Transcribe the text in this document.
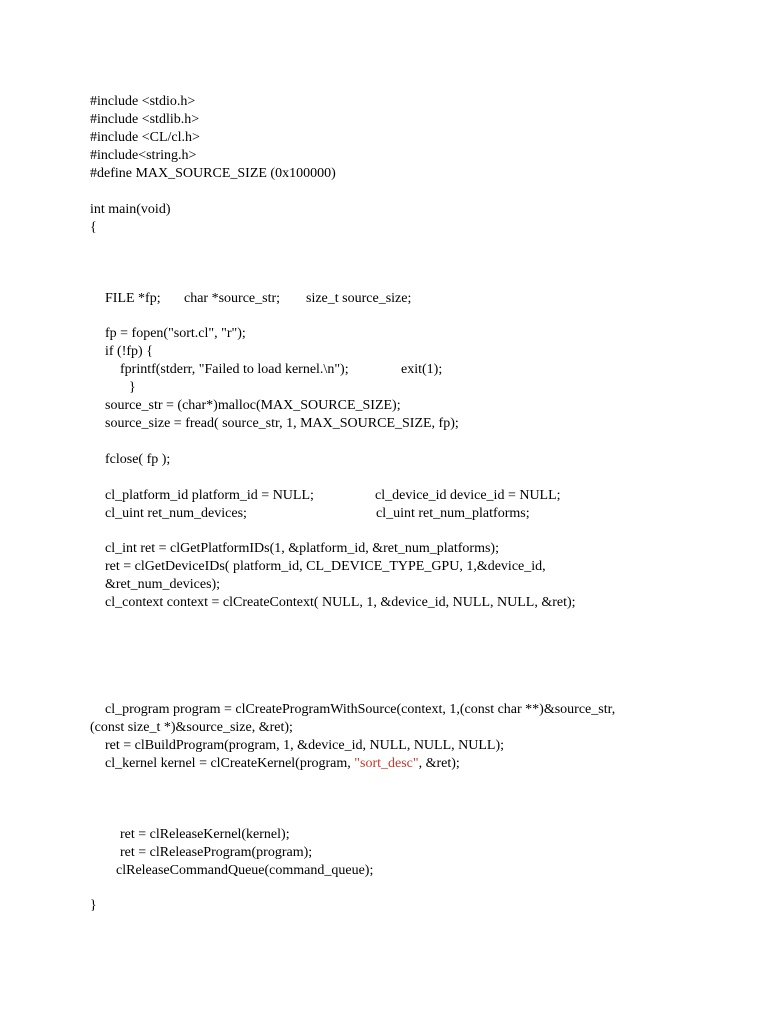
#include <stdio.h>
#include <stdlib.h>
#include <CL/cl.h>
#include<string.h>
#define MAX_SOURCE_SIZE (0x100000)
int main(void)
{
FILE *fp; char *source_str; size_t source_size;
fp = fopen("sort.cl", "r");
if (!fp) {
fprintf(stderr, "Failed to load kernel.\n");	exit(1);
}
source_str = (char*)malloc(MAX_SOURCE_SIZE);
source_size = fread( source_str, 1, MAX_SOURCE_SIZE, fp);
fclose( fp );
cl_platform_id platform_id = NULL;	cl_device_id device_id = NULL;
cl_uint ret_num_devices;	cl_uint ret_num_platforms;
cl_int ret = clGetPlatformIDs(1, &platform_id, &ret_num_platforms);
ret = clGetDeviceIDs( platform_id, CL_DEVICE_TYPE_GPU, 1,&device_id,
&ret_num_devices);
cl_context context = clCreateContext( NULL, 1, &device_id, NULL, NULL, &ret);
cl_program program = clCreateProgramWithSource(context, 1,(const char **)&source_str,
(const size_t *)&source_size, &ret);
ret = clBuildProgram(program, 1, &device_id, NULL, NULL, NULL);
cl_kernel kernel = clCreateKernel(program, "sort_desc", &ret);
ret = clReleaseKernel(kernel);
ret = clReleaseProgram(program);
clReleaseCommandQueue(command_queue);
}
